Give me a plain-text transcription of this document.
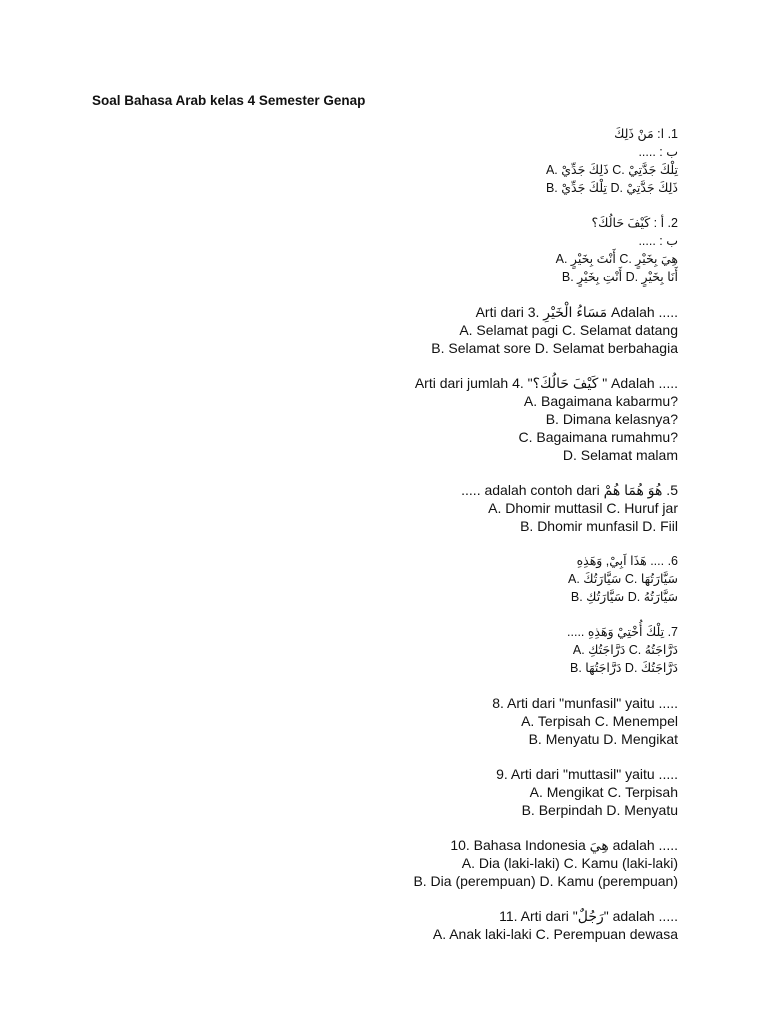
Soal Bahasa Arab kelas 4 Semester Genap
1. ا: مَنْ ذَلِكَ
ب : .....
A. ذَلِكَ جَدِّيْ C. تِلْكَ جَدَّتِيْ
B. تِلْكَ جَدِّيْ D. ذَلِكَ جَدَّتِيْ
2. أ : كَيْفَ حَالُكَ؟
ب : .....
A. أَنْتَ بِخَيْرٍ C. هِيَ بِخَيْرٍ
B. أَنْتِ بِخَيْرٍ D. أَنَا بِخَيْرٍ
Arti dari 3. مَسَاءُ الْخَيْرِ Adalah .....
A. Selamat pagi C. Selamat datang
B. Selamat sore D. Selamat berbahagia
Arti dari jumlah 4. "كَيْفَ حَالُكَ؟ " Adalah .....
A. Bagaimana kabarmu?
B. Dimana kelasnya?
C. Bagaimana rumahmu?
D. Selamat malam
5. هُوَ هُمَا هُمْ adalah contoh dari .....
A. Dhomir muttasil C. Huruf jar
B. Dhomir munfasil D. Fiil
6. .... هَذَا اَبِيْ, وَهَذِهِ
A. سَيَّارَتُكَ C. سَيَّارَتُهَا
B. سَيَّارَتُكِ D. سَيَّارَتُهُ
7. تِلْكَ أُخْتِيْ وَهَذِهِ .....
A. دَرَّاجَتُكِ C. دَرَّاجَتُهُ
B. دَرَّاجَتُهَا D. دَرَّاجَتُكَ
8. Arti dari "munfasil" yaitu .....
A. Terpisah C. Menempel
B. Menyatu D. Mengikat
9. Arti dari "muttasil" yaitu .....
A. Mengikat C. Terpisah
B. Berpindah D. Menyatu
10. Bahasa Indonesia هِيَ adalah .....
A. Dia (laki-laki) C. Kamu (laki-laki)
B. Dia (perempuan) D. Kamu (perempuan)
11. Arti dari "رَجُلٌ" adalah .....
A. Anak laki-laki C. Perempuan dewasa
